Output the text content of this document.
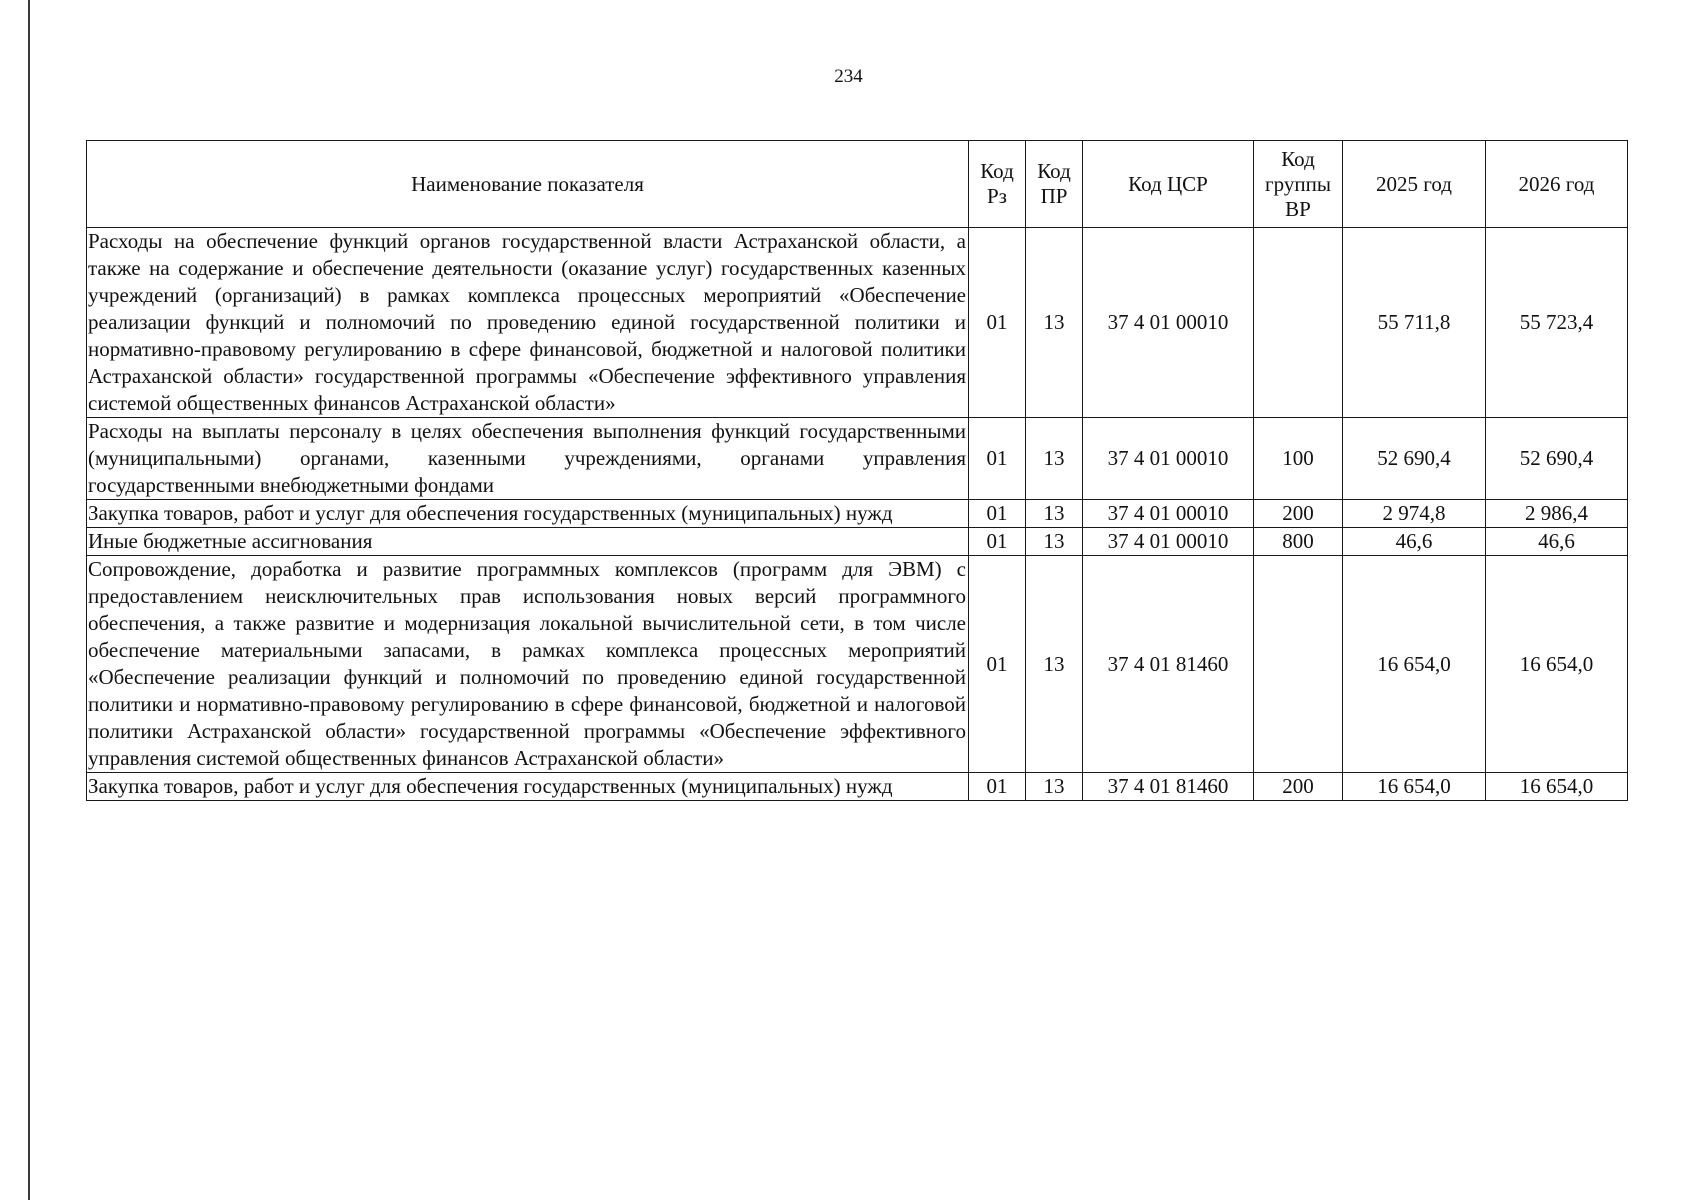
234
Наименование показателя	Код Рз	Код ПР	Код ЦСР	Код группы ВР	2025 год	2026 год
Расходы на обеспечение функций органов государственной власти Астраханской области, а также на содержание и обеспечение деятельности (оказание услуг) государственных казенных учреждений (организаций) в рамках комплекса процессных мероприятий «Обеспечение реализации функций и полномочий по проведению единой государственной политики и нормативно-правовому регулированию в сфере финансовой, бюджетной и налоговой политики Астраханской области» государственной программы «Обеспечение эффективного управления системой общественных финансов Астраханской области»	01	13	37 4 01 00010		55 711,8	55 723,4
Расходы на выплаты персоналу в целях обеспечения выполнения функций государственными (муниципальными) органами, казенными учреждениями, органами управления государственными внебюджетными фондами	01	13	37 4 01 00010	100	52 690,4	52 690,4
Закупка товаров, работ и услуг для обеспечения государственных (муниципальных) нужд	01	13	37 4 01 00010	200	2 974,8	2 986,4
Иные бюджетные ассигнования	01	13	37 4 01 00010	800	46,6	46,6
Сопровождение, доработка и развитие программных комплексов (программ для ЭВМ) с предоставлением неисключительных прав использования новых версий программного обеспечения, а также развитие и модернизация локальной вычислительной сети, в том числе обеспечение материальными запасами, в рамках комплекса процессных мероприятий «Обеспечение реализации функций и полномочий по проведению единой государственной политики и нормативно-правовому регулированию в сфере финансовой, бюджетной и налоговой политики Астраханской области» государственной программы «Обеспечение эффективного управления системой общественных финансов Астраханской области»	01	13	37 4 01 81460		16 654,0	16 654,0
Закупка товаров, работ и услуг для обеспечения государственных (муниципальных) нужд	01	13	37 4 01 81460	200	16 654,0	16 654,0
